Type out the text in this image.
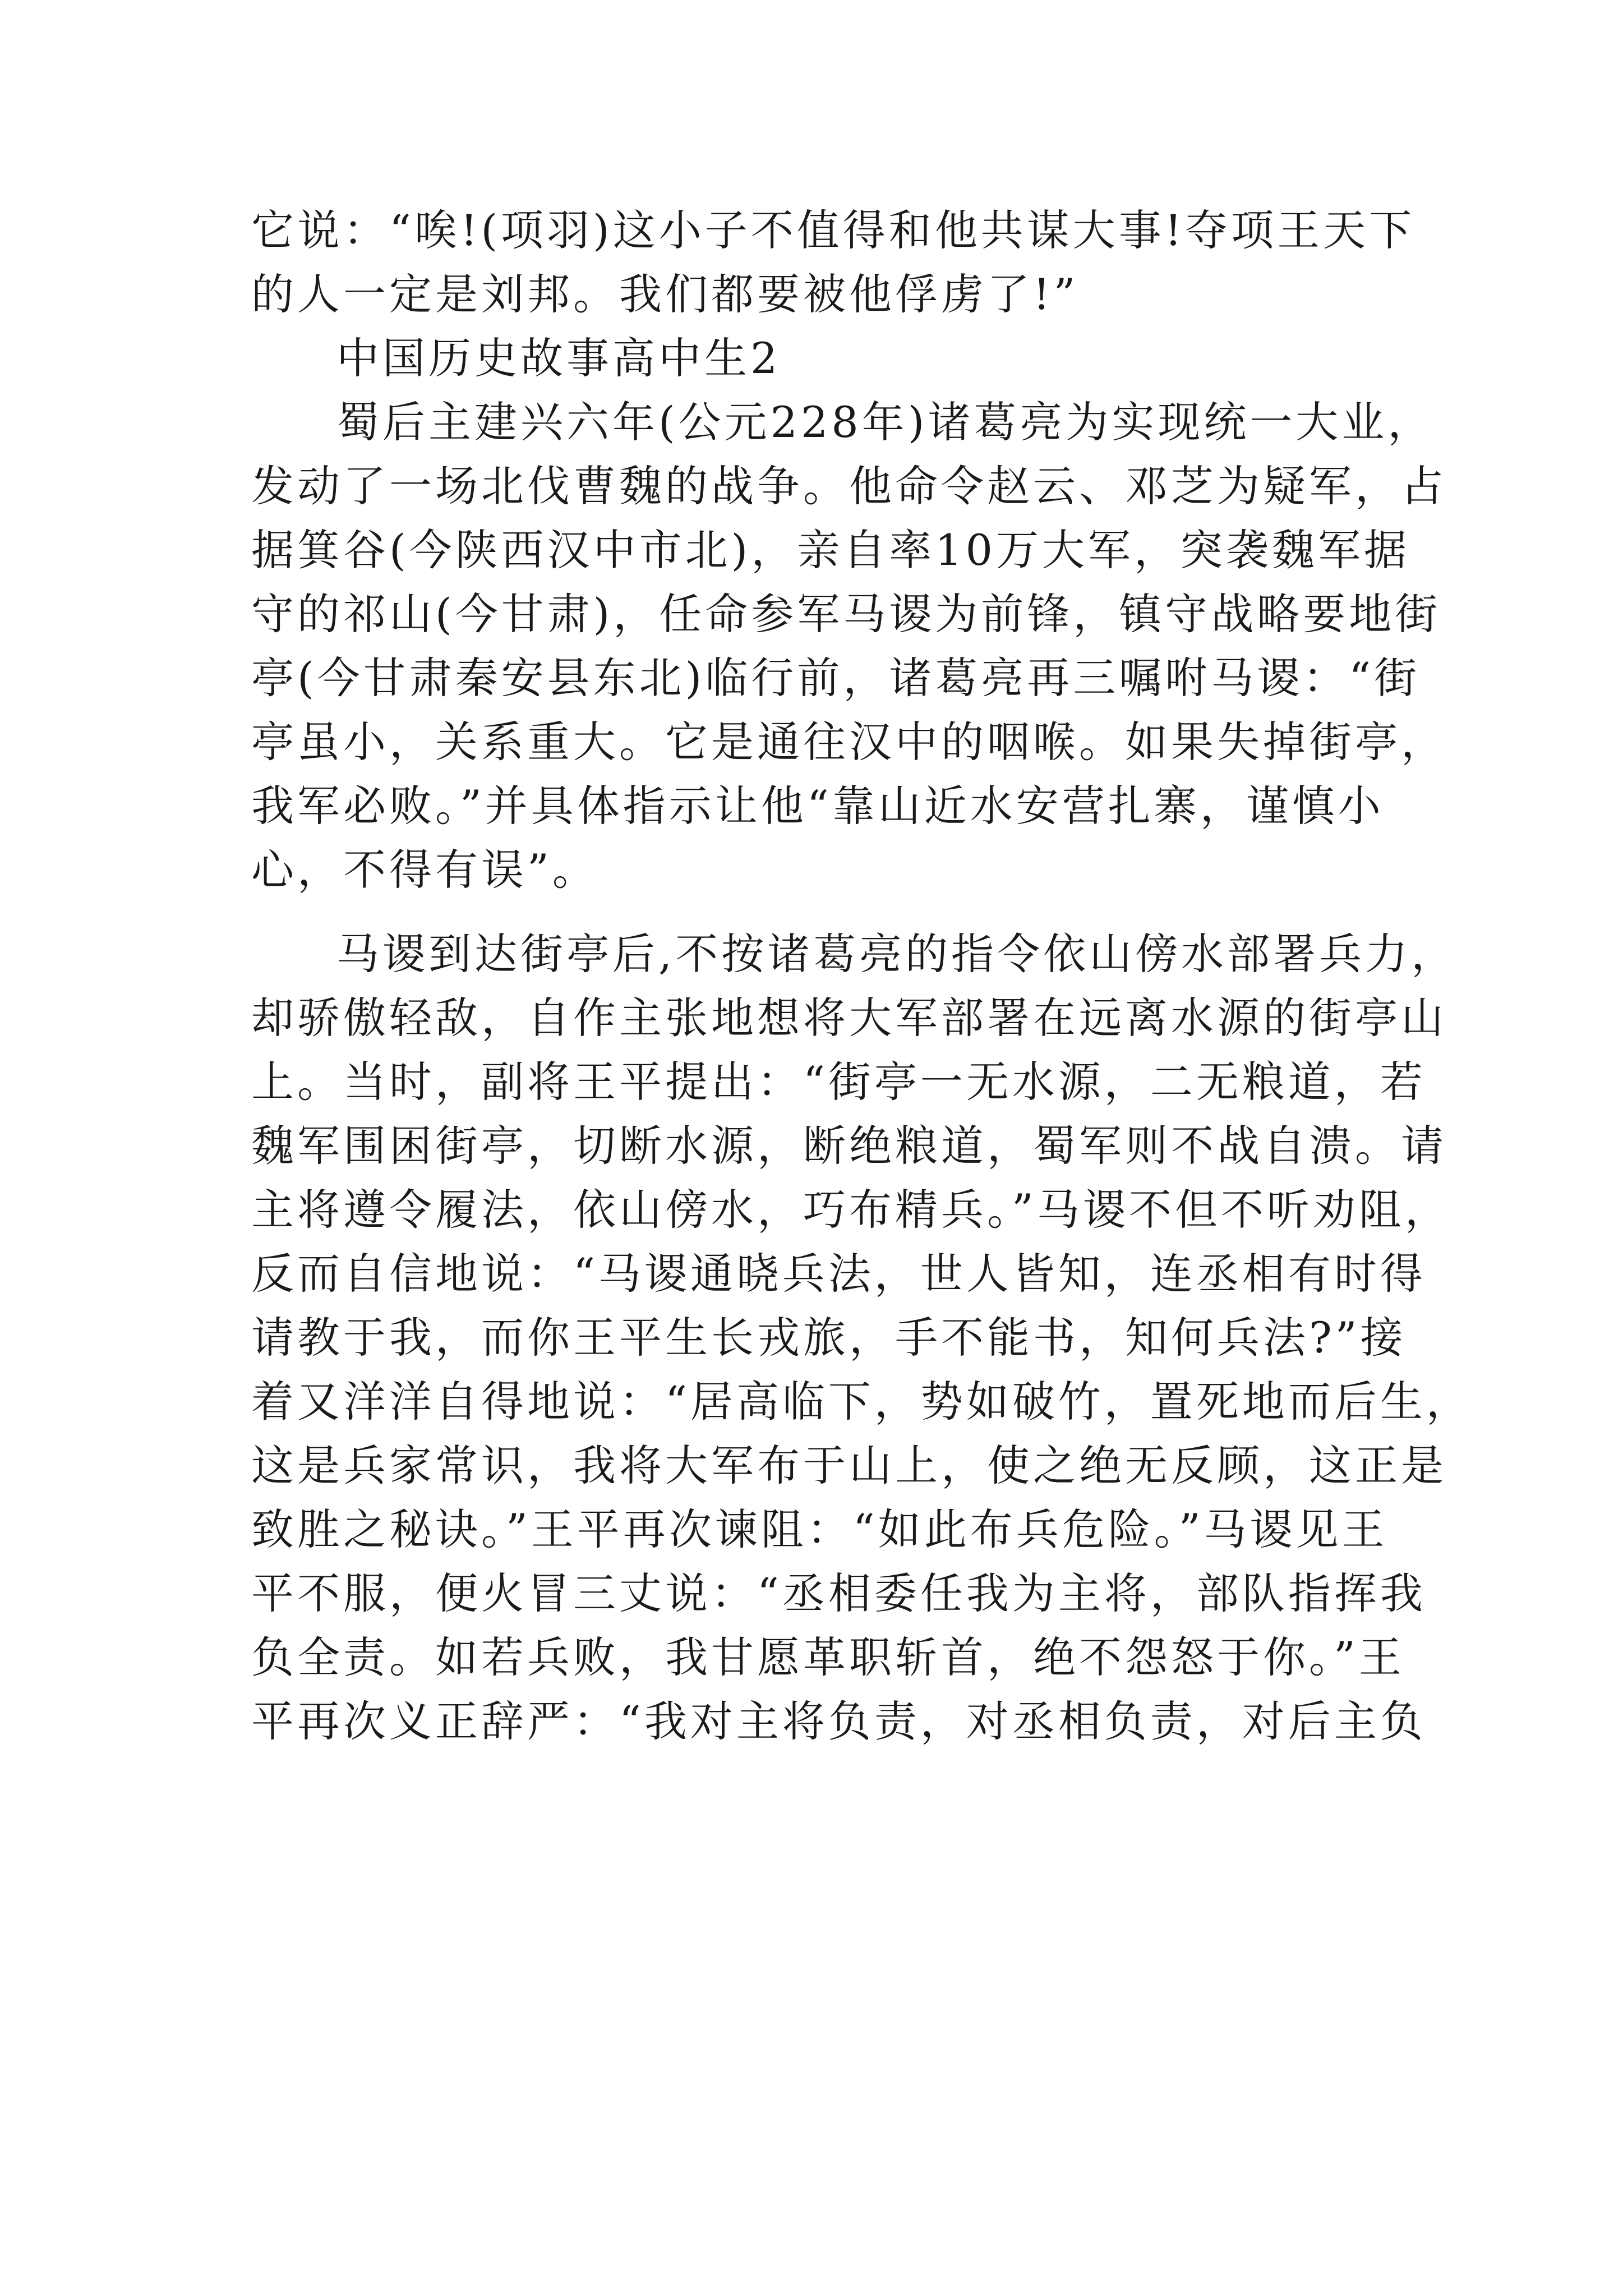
它说：“唉!(项羽)这小子不值得和他共谋大事!夺项王天下
的人一定是刘邦。我们都要被他俘虏了!”
中国历史故事高中生2
蜀后主建兴六年(公元228年)诸葛亮为实现统一大业，
发动了一场北伐曹魏的战争。他命令赵云、邓芝为疑军，占
据箕谷(今陕西汉中市北)，亲自率10万大军，突袭魏军据
守的祁山(今甘肃)，任命参军马谡为前锋，镇守战略要地街
亭(今甘肃秦安县东北)临行前，诸葛亮再三嘱咐马谡：“街
亭虽小，关系重大。它是通往汉中的咽喉。如果失掉街亭，
我军必败。”并具体指示让他“靠山近水安营扎寨，谨慎小
心，不得有误”。
马谡到达街亭后,不按诸葛亮的指令依山傍水部署兵力，
却骄傲轻敌，自作主张地想将大军部署在远离水源的街亭山
上。当时，副将王平提出：“街亭一无水源，二无粮道，若
魏军围困街亭，切断水源，断绝粮道，蜀军则不战自溃。请
主将遵令履法，依山傍水，巧布精兵。”马谡不但不听劝阻，
反而自信地说：“马谡通晓兵法，世人皆知，连丞相有时得
请教于我，而你王平生长戎旅，手不能书，知何兵法?”接
着又洋洋自得地说：“居高临下，势如破竹，置死地而后生，
这是兵家常识，我将大军布于山上，使之绝无反顾，这正是
致胜之秘诀。”王平再次谏阻：“如此布兵危险。”马谡见王
平不服，便火冒三丈说：“丞相委任我为主将，部队指挥我
负全责。如若兵败，我甘愿革职斩首，绝不怨怒于你。”王
平再次义正辞严：“我对主将负责，对丞相负责，对后主负
